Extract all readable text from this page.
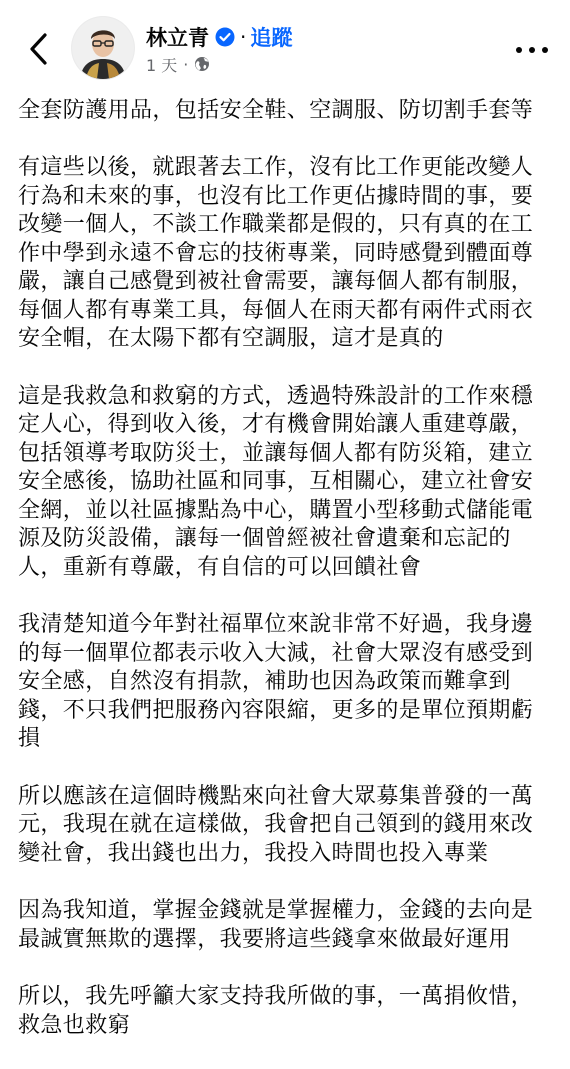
林立青 · 追蹤
1 天 ·

全套防護用品，包括安全鞋、空調服、防切割手套等

有這些以後，就跟著去工作，沒有比工作更能改變人
行為和未來的事，也沒有比工作更佔據時間的事，要
改變一個人，不談工作職業都是假的，只有真的在工
作中學到永遠不會忘的技術專業，同時感覺到體面尊
嚴，讓自己感覺到被社會需要，讓每個人都有制服，
每個人都有專業工具，每個人在雨天都有兩件式雨衣
安全帽，在太陽下都有空調服，這才是真的

這是我救急和救窮的方式，透過特殊設計的工作來穩
定人心，得到收入後，才有機會開始讓人重建尊嚴，
包括領導考取防災士，並讓每個人都有防災箱，建立
安全感後，協助社區和同事，互相關心，建立社會安
全網，並以社區據點為中心，購置小型移動式儲能電
源及防災設備，讓每一個曾經被社會遺棄和忘記的
人，重新有尊嚴，有自信的可以回饋社會

我清楚知道今年對社福單位來說非常不好過，我身邊
的每一個單位都表示收入大減，社會大眾沒有感受到
安全感，自然沒有捐款，補助也因為政策而難拿到
錢，不只我們把服務內容限縮，更多的是單位預期虧
損

所以應該在這個時機點來向社會大眾募集普發的一萬
元，我現在就在這樣做，我會把自己領到的錢用來改
變社會，我出錢也出力，我投入時間也投入專業

因為我知道，掌握金錢就是掌握權力，金錢的去向是
最誠實無欺的選擇，我要將這些錢拿來做最好運用

所以，我先呼籲大家支持我所做的事，一萬捐攸惜，
救急也救窮
